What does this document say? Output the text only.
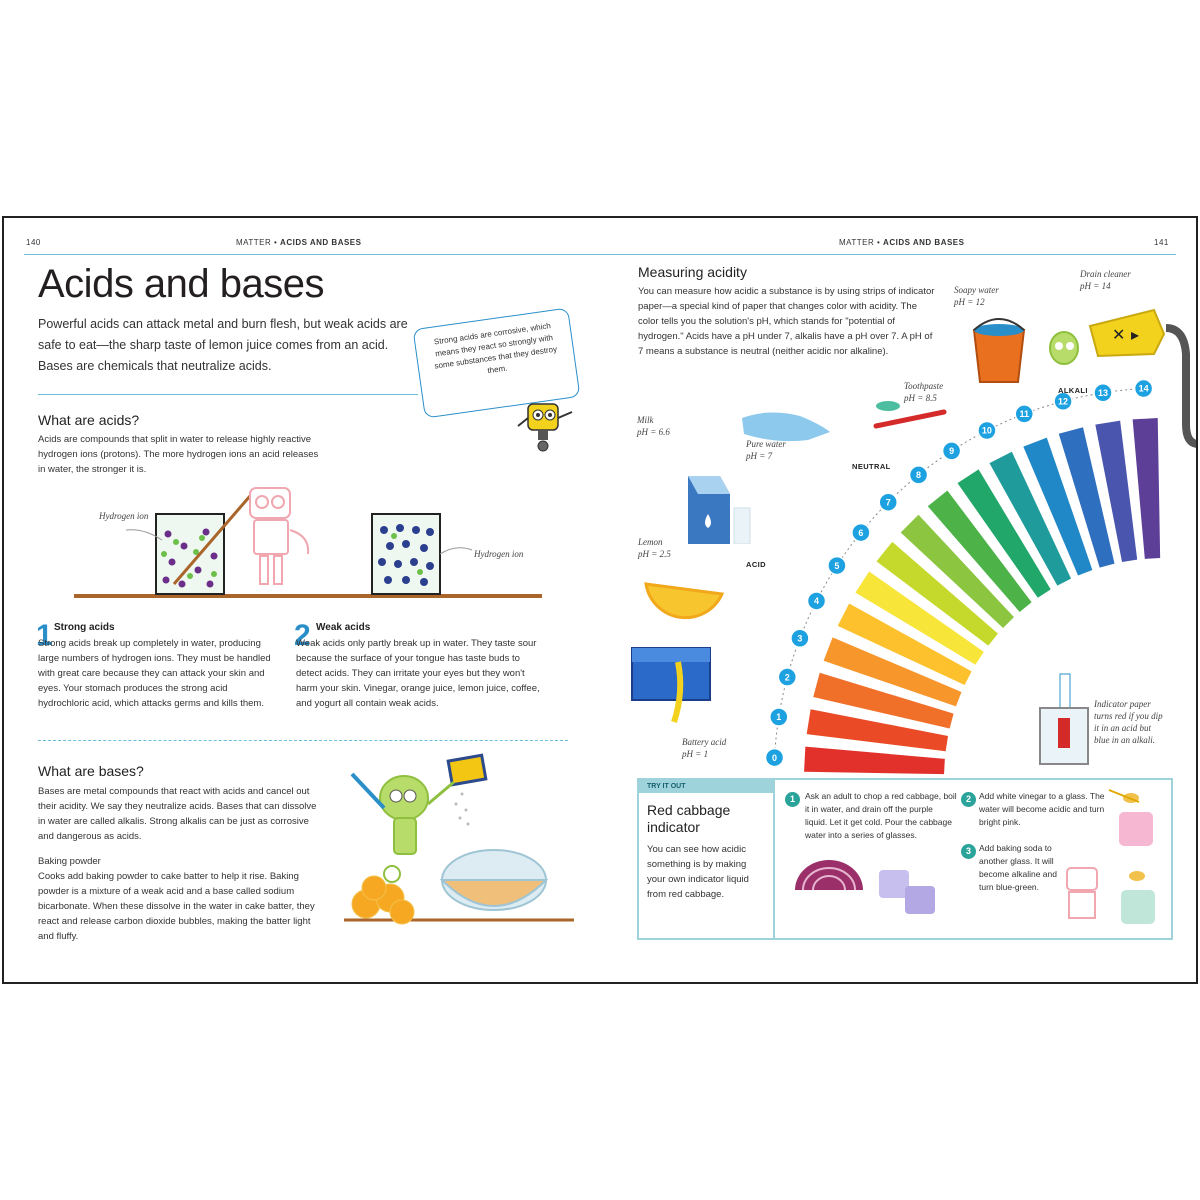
140	MATTER • ACIDS AND BASES	MATTER • ACIDS AND BASES	141
Acids and bases
Powerful acids can attack metal and burn flesh, but weak acids are safe to eat—the sharp taste of lemon juice comes from an acid. Bases are chemicals that neutralize acids.
Strong acids are corrosive, which means they react so strongly with some substances that they destroy them.
What are acids?
Acids are compounds that split in water to release highly reactive hydrogen ions (protons). The more hydrogen ions an acid releases in water, the stronger it is.
Hydrogen ion
Hydrogen ion
1 Strong acids
Strong acids break up completely in water, producing large numbers of hydrogen ions. They must be handled with great care because they can attack your skin and eyes. Your stomach produces the strong acid hydrochloric acid, which attacks germs and kills them.
2 Weak acids
Weak acids only partly break up in water. They taste sour because the surface of your tongue has taste buds to detect acids. They can irritate your eyes but they won't harm your skin. Vinegar, orange juice, lemon juice, coffee, and yogurt all contain weak acids.
What are bases?
Bases are metal compounds that react with acids and cancel out their acidity. We say they neutralize acids. Bases that can dissolve in water are called alkalis. Strong alkalis can be just as corrosive and dangerous as acids.
Baking powder
Cooks add baking powder to cake batter to help it rise. Baking powder is a mixture of a weak acid and a base called sodium bicarbonate. When these dissolve in the water in cake batter, they react and release carbon dioxide bubbles, making the batter light and fluffy.
Measuring acidity
You can measure how acidic a substance is by using strips of indicator paper—a special kind of paper that changes color with acidity. The color tells you the solution's pH, which stands for "potential of hydrogen." Acids have a pH under 7, alkalis have a pH over 7. A pH of 7 means a substance is neutral (neither acidic nor alkaline).
0
1
2
3
4
5
6
7
8
9
10
11
12
13	14
ACID
NEUTRAL
ALKALI
Milk
pH = 6.6
Pure water
pH = 7
Lemon
pH = 2.5
Battery acid
pH = 1
Soapy water
pH = 12
Drain cleaner
pH = 14
Toothpaste
pH = 8.5
Indicator paper turns red if you dip it in an acid but blue in an alkali.
✕ ▸
TRY IT OUT
Red cabbage indicator
You can see how acidic something is by making your own indicator liquid from red cabbage.
1	Ask an adult to chop a red cabbage, boil it in water, and drain off the purple liquid. Let it get cold. Pour the cabbage water into a series of glasses.
2 Add white vinegar to a glass. The water will become acidic and turn bright pink.
3 Add baking soda to another glass. It will become alkaline and turn blue-green.
